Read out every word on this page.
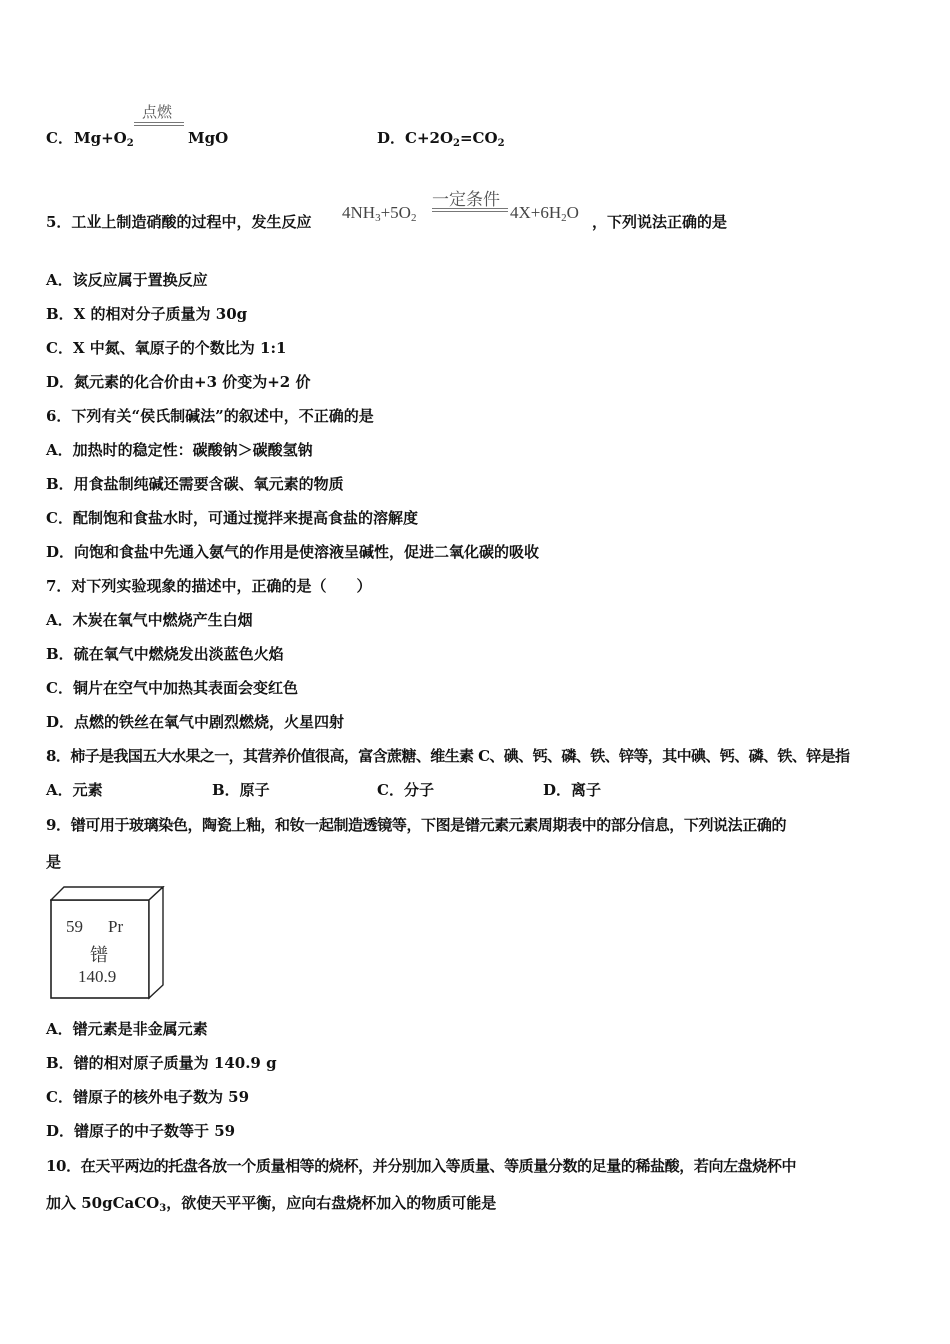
C． $Mg+O_2$
点燃
MgO	D． $C+2O_2=CO_2$
5．工业上制造硝酸的过程中，发生反应 $4NH_3+5O_2$
一定条件
$4X+6H_2O$ ，下列说法正确的是
A．该反应属于置换反应
B．X 的相对分子质量为 30g
C．X 中氮、氧原子的个数比为 1:1
D．氮元素的化合价由+3 价变为+2 价
6．下列有关“侯氏制碱法”的叙述中，不正确的是
A．加热时的稳定性：碳酸钠＞碳酸氢钠
B．用食盐制纯碱还需要含碳、氧元素的物质
C．配制饱和食盐水时，可通过搅拌来提高食盐的溶解度
D．向饱和食盐中先通入氨气的作用是使溶液呈碱性，促进二氧化碳的吸收
7．对下列实验现象的描述中，正确的是（　　）
A．木炭在氧气中燃烧产生白烟
B．硫在氧气中燃烧发出淡蓝色火焰
C．铜片在空气中加热其表面会变红色
D．点燃的铁丝在氧气中剧烈燃烧，火星四射
8．柿子是我国五大水果之一，其营养价值很高，富含蔗糖、维生素 C、碘、钙、磷、铁、锌等，其中碘、钙、磷、铁、锌是指
A．元素	B．原子	C．分子	D．离子
9．镨可用于玻璃染色，陶瓷上釉，和钕一起制造透镜等，下图是镨元素元素周期表中的部分信息，下列说法正确的
是
59 Pr
镨
140.9
A．镨元素是非金属元素
B．镨的相对原子质量为 140.9 g
C．镨原子的核外电子数为 59
D．镨原子的中子数等于 59
10．在天平两边的托盘各放一个质量相等的烧杯，并分别加入等质量、等质量分数的足量的稀盐酸，若向左盘烧杯中
加入 50gCaCO$_3$，欲使天平平衡，应向右盘烧杯加入的物质可能是
